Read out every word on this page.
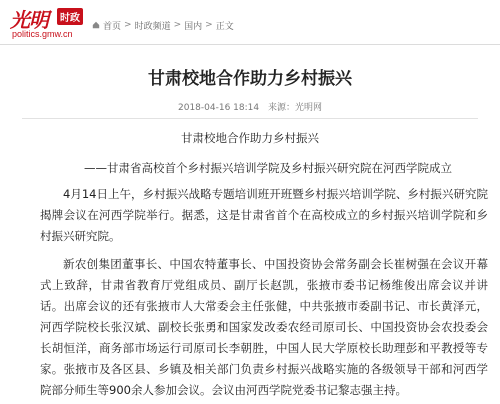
光明	时政
politics.gmw.cn
首页 > 时政频道 > 国内 > 正文
甘肃校地合作助力乡村振兴
2018-04-16 18:14 来源：光明网
甘肃校地合作助力乡村振兴
——甘肃省高校首个乡村振兴培训学院及乡村振兴研究院在河西学院成立

4月14日上午，乡村振兴战略专题培训班开班暨乡村振兴培训学院、乡村振兴研究院揭牌会议在河西学院举行。据悉，这是甘肃省首个在高校成立的乡村振兴培训学院和乡村振兴研究院。

新农创集团董事长、中国农特董事长、中国投资协会常务副会长崔树强在会议开幕式上致辞，甘肃省教育厅党组成员、副厅长赵凯，张掖市委书记杨维俊出席会议并讲话。出席会议的还有张掖市人大常委会主任张健，中共张掖市委副书记、市长黄泽元，河西学院校长张汉斌、副校长张勇和国家发改委农经司原司长、中国投资协会农投委会长胡恒洋，商务部市场运行司原司长李朝胜，中国人民大学原校长助理彭和平教授等专家。张掖市及各区县、乡镇及相关部门负责乡村振兴战略实施的各级领导干部和河西学院部分师生等900余人参加会议。会议由河西学院党委书记黎志强主持。
